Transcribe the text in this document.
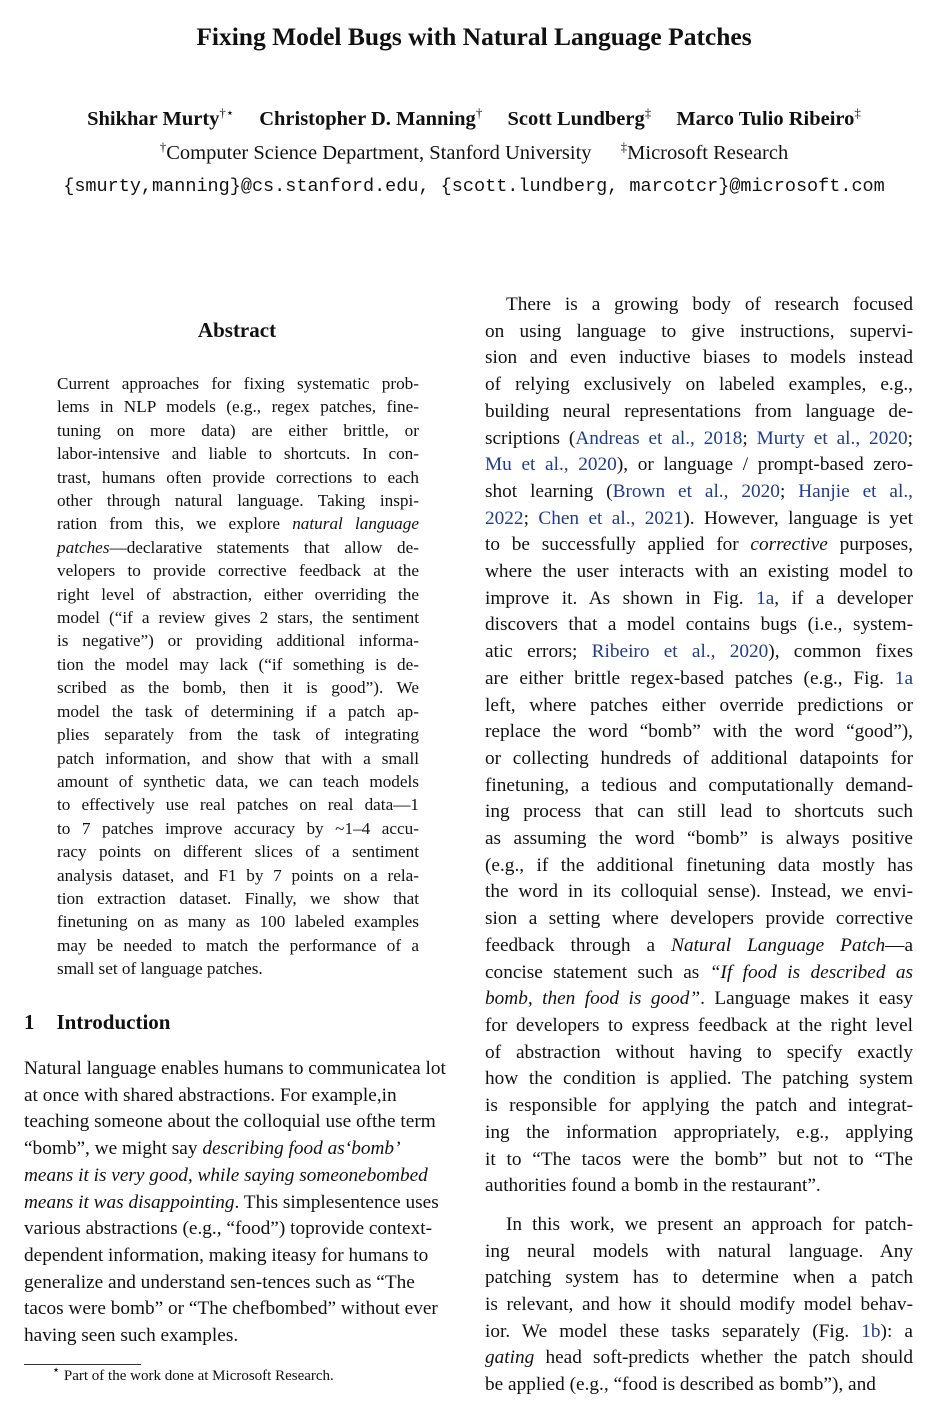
Fixing Model Bugs with Natural Language Patches
Shikhar Murty†⋆ Christopher D. Manning† Scott Lundberg‡ Marco Tulio Ribeiro‡
†Computer Science Department, Stanford University ‡Microsoft Research
{smurty,manning}@cs.stanford.edu, {scott.lundberg, marcotcr}@microsoft.com
Abstract
Current approaches for fixing systematic prob-
lems in NLP models (e.g., regex patches, fine-
tuning on more data) are either brittle, or
labor-intensive and liable to shortcuts. In con-
trast, humans often provide corrections to each
other through natural language. Taking inspi-
ration from this, we explore natural language
patches—declarative statements that allow de-
velopers to provide corrective feedback at the
right level of abstraction, either overriding the
model (“if a review gives 2 stars, the sentiment
is negative”) or providing additional informa-
tion the model may lack (“if something is de-
scribed as the bomb, then it is good”). We
model the task of determining if a patch ap-
plies separately from the task of integrating
patch information, and show that with a small
amount of synthetic data, we can teach models
to effectively use real patches on real data—1
to 7 patches improve accuracy by ~1–4 accu-
racy points on different slices of a sentiment
analysis dataset, and F1 by 7 points on a rela-
tion extraction dataset. Finally, we show that
finetuning on as many as 100 labeled examples
may be needed to match the performance of a
small set of language patches.
1 Introduction
Natural language enables humans to communicatea lot at once with shared abstractions. For example,in teaching someone about the colloquial use ofthe term “bomb”, we might say describing food as‘bomb’ means it is very good, while saying someonebombed means it was disappointing. This simplesentence uses various abstractions (e.g., “food”) toprovide context-dependent information, making iteasy for humans to generalize and understand sen-tences such as “The tacos were bomb” or “The chefbombed” without ever having seen such examples.
⋆ Part of the work done at Microsoft Research.
There is a growing body of research focused
on using language to give instructions, supervi-
sion and even inductive biases to models instead
of relying exclusively on labeled examples, e.g.,
building neural representations from language de-
scriptions (Andreas et al., 2018; Murty et al., 2020;
Mu et al., 2020), or language / prompt-based zero-
shot learning (Brown et al., 2020; Hanjie et al.,
2022; Chen et al., 2021). However, language is yet
to be successfully applied for corrective purposes,
where the user interacts with an existing model to
improve it. As shown in Fig. 1a, if a developer
discovers that a model contains bugs (i.e., system-
atic errors; Ribeiro et al., 2020), common fixes
are either brittle regex-based patches (e.g., Fig. 1a
left, where patches either override predictions or
replace the word “bomb” with the word “good”),
or collecting hundreds of additional datapoints for
finetuning, a tedious and computationally demand-
ing process that can still lead to shortcuts such
as assuming the word “bomb” is always positive
(e.g., if the additional finetuning data mostly has
the word in its colloquial sense). Instead, we envi-
sion a setting where developers provide corrective
feedback through a Natural Language Patch—a
concise statement such as “If food is described as
bomb, then food is good”. Language makes it easy
for developers to express feedback at the right level
of abstraction without having to specify exactly
how the condition is applied. The patching system
is responsible for applying the patch and integrat-
ing the information appropriately, e.g., applying
it to “The tacos were the bomb” but not to “The
authorities found a bomb in the restaurant”.
In this work, we present an approach for patch-
ing neural models with natural language. Any
patching system has to determine when a patch
is relevant, and how it should modify model behav-
ior. We model these tasks separately (Fig. 1b): a
gating head soft-predicts whether the patch should
be applied (e.g., “food is described as bomb”), and
